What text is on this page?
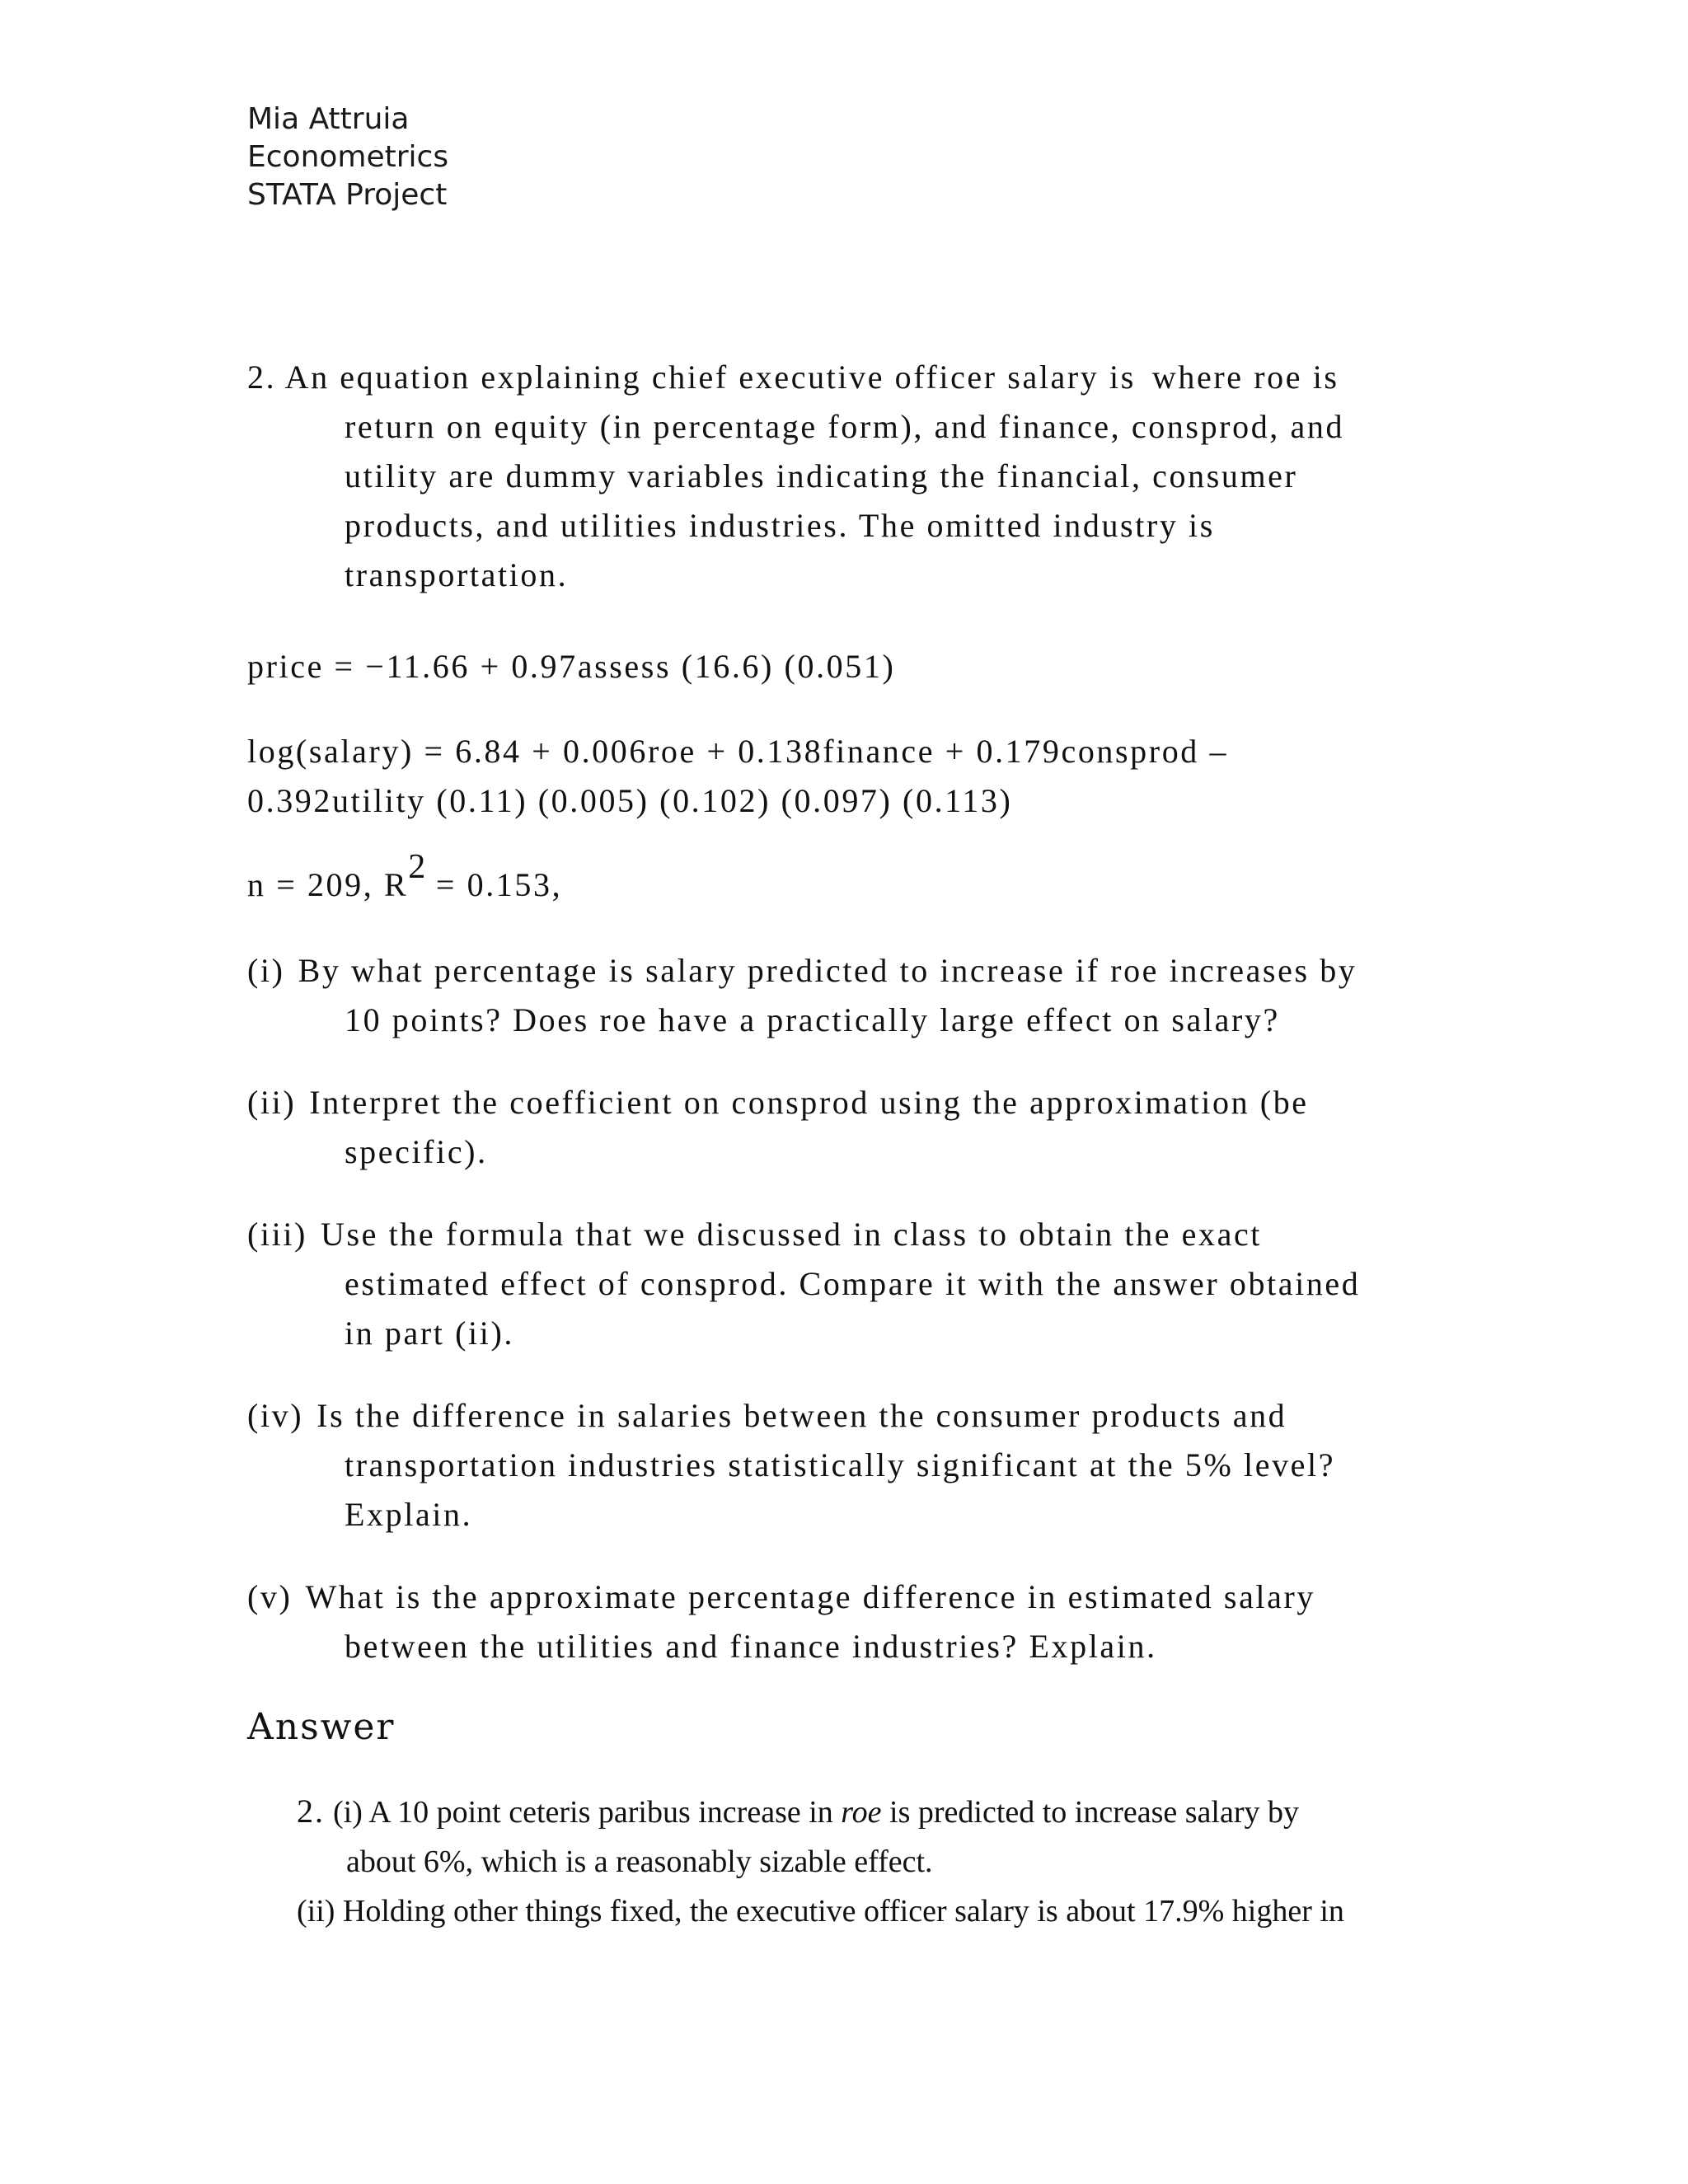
Mia Attruia
Econometrics
STATA Project
2. An equation explaining chief executive officer salary is where roe is
return on equity (in percentage form), and finance, consprod, and
utility are dummy variables indicating the financial, consumer
products, and utilities industries. The omitted industry is
transportation.
price = −11.66 + 0.97assess (16.6) (0.051)
log(salary) = 6.84 + 0.006roe + 0.138finance + 0.179consprod –
0.392utility (0.11) (0.005) (0.102) (0.097) (0.113)
n = 209, R2 = 0.153,
(i) By what percentage is salary predicted to increase if roe increases by
10 points? Does roe have a practically large effect on salary?
(ii) Interpret the coefficient on consprod using the approximation (be
specific).
(iii) Use the formula that we discussed in class to obtain the exact
estimated effect of consprod. Compare it with the answer obtained
in part (ii).
(iv) Is the difference in salaries between the consumer products and
transportation industries statistically significant at the 5% level?
Explain.
(v) What is the approximate percentage difference in estimated salary
between the utilities and finance industries? Explain.
Answer
2. (i) A 10 point ceteris paribus increase in roe is predicted to increase salary by
about 6%, which is a reasonably sizable effect.
(ii) Holding other things fixed, the executive officer salary is about 17.9% higher in
